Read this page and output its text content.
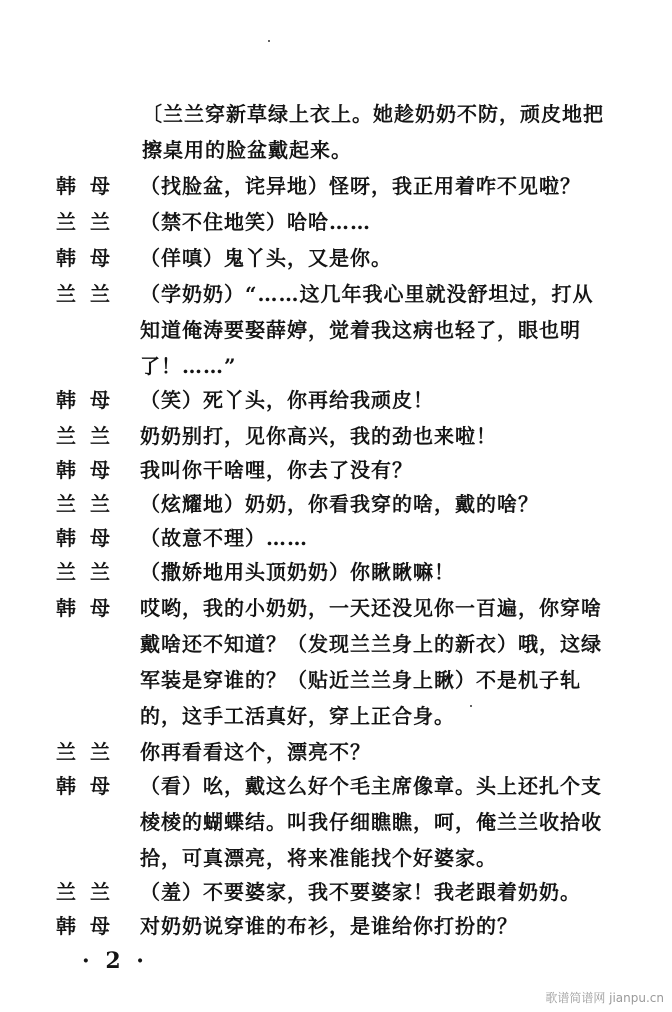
〔兰兰穿新草绿上衣上。她趁奶奶不防，顽皮地把擦桌用的脸盆戴起来。
韩母 （找脸盆，诧异地）怪呀，我正用着咋不见啦？
兰兰 （禁不住地笑）哈哈……
韩母 （佯嗔）鬼丫头，又是你。
兰兰 （学奶奶）“……这几年我心里就没舒坦过，打从知道俺涛要娶薛婷，觉着我这病也轻了，眼也明了！……”
韩母 （笑）死丫头，你再给我顽皮！
兰兰 奶奶别打，见你高兴，我的劲也来啦！
韩母 我叫你干啥哩，你去了没有？
兰兰 （炫耀地）奶奶，你看我穿的啥，戴的啥？
韩母 （故意不理）……
兰兰 （撒娇地用头顶奶奶）你瞅瞅嘛！
韩母 哎哟，我的小奶奶，一天还没见你一百遍，你穿啥戴啥还不知道？（发现兰兰身上的新衣）哦，这绿军装是穿谁的？（贴近兰兰身上瞅）不是机子轧的，这手工活真好，穿上正合身。
兰兰 你再看看这个，漂亮不？
韩母 （看）吆，戴这么好个毛主席像章。头上还扎个支棱棱的蝴蝶结。叫我仔细瞧瞧，呵，俺兰兰收拾收拾，可真漂亮，将来准能找个好婆家。
兰兰 （羞）不要婆家，我不要婆家！我老跟着奶奶。
韩母 对奶奶说穿谁的布衫，是谁给你打扮的？
· 2 ·
歌谱简谱网 jianpu.cn
